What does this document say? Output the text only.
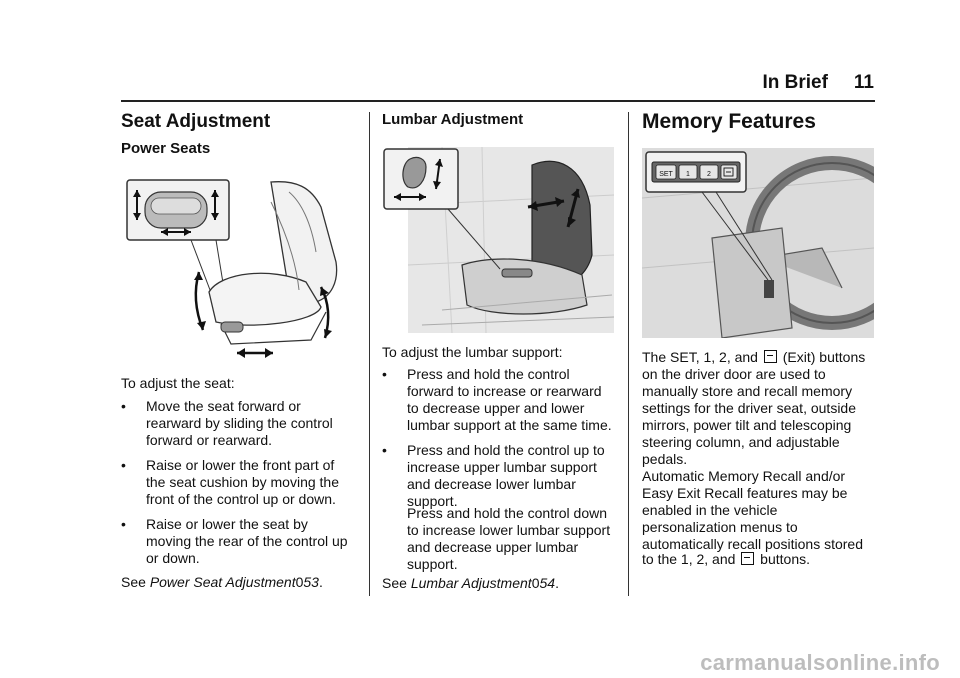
In Brief 11
Seat Adjustment
Power Seats

To adjust the seat:

• Move the seat forward or
rearward by sliding the control
forward or rearward.
• Raise or lower the front part of
the seat cushion by moving the
front of the control up or down.
• Raise or lower the seat by
moving the rear of the control up
or down.

See Power Seat Adjustment053.

Lumbar Adjustment

To adjust the lumbar support:

• Press and hold the control
forward to increase or rearward
to decrease upper and lower
lumbar support at the same time.
• Press and hold the control up to
increase upper lumbar support
and decrease lower lumbar
support.

Press and hold the control down
to increase lower lumbar support
and decrease upper lumbar
support.

See Lumbar Adjustment054.

Memory Features
SET 1 2

The SET, 1, 2, and  (Exit) buttons
on the driver door are used to
manually store and recall memory
settings for the driver seat, outside
mirrors, power tilt and telescoping
steering column, and adjustable
pedals.

Automatic Memory Recall and/or
Easy Exit Recall features may be
enabled in the vehicle
personalization menus to
automatically recall positions stored

to the 1, 2, and  buttons.

carmanualsonline.info
